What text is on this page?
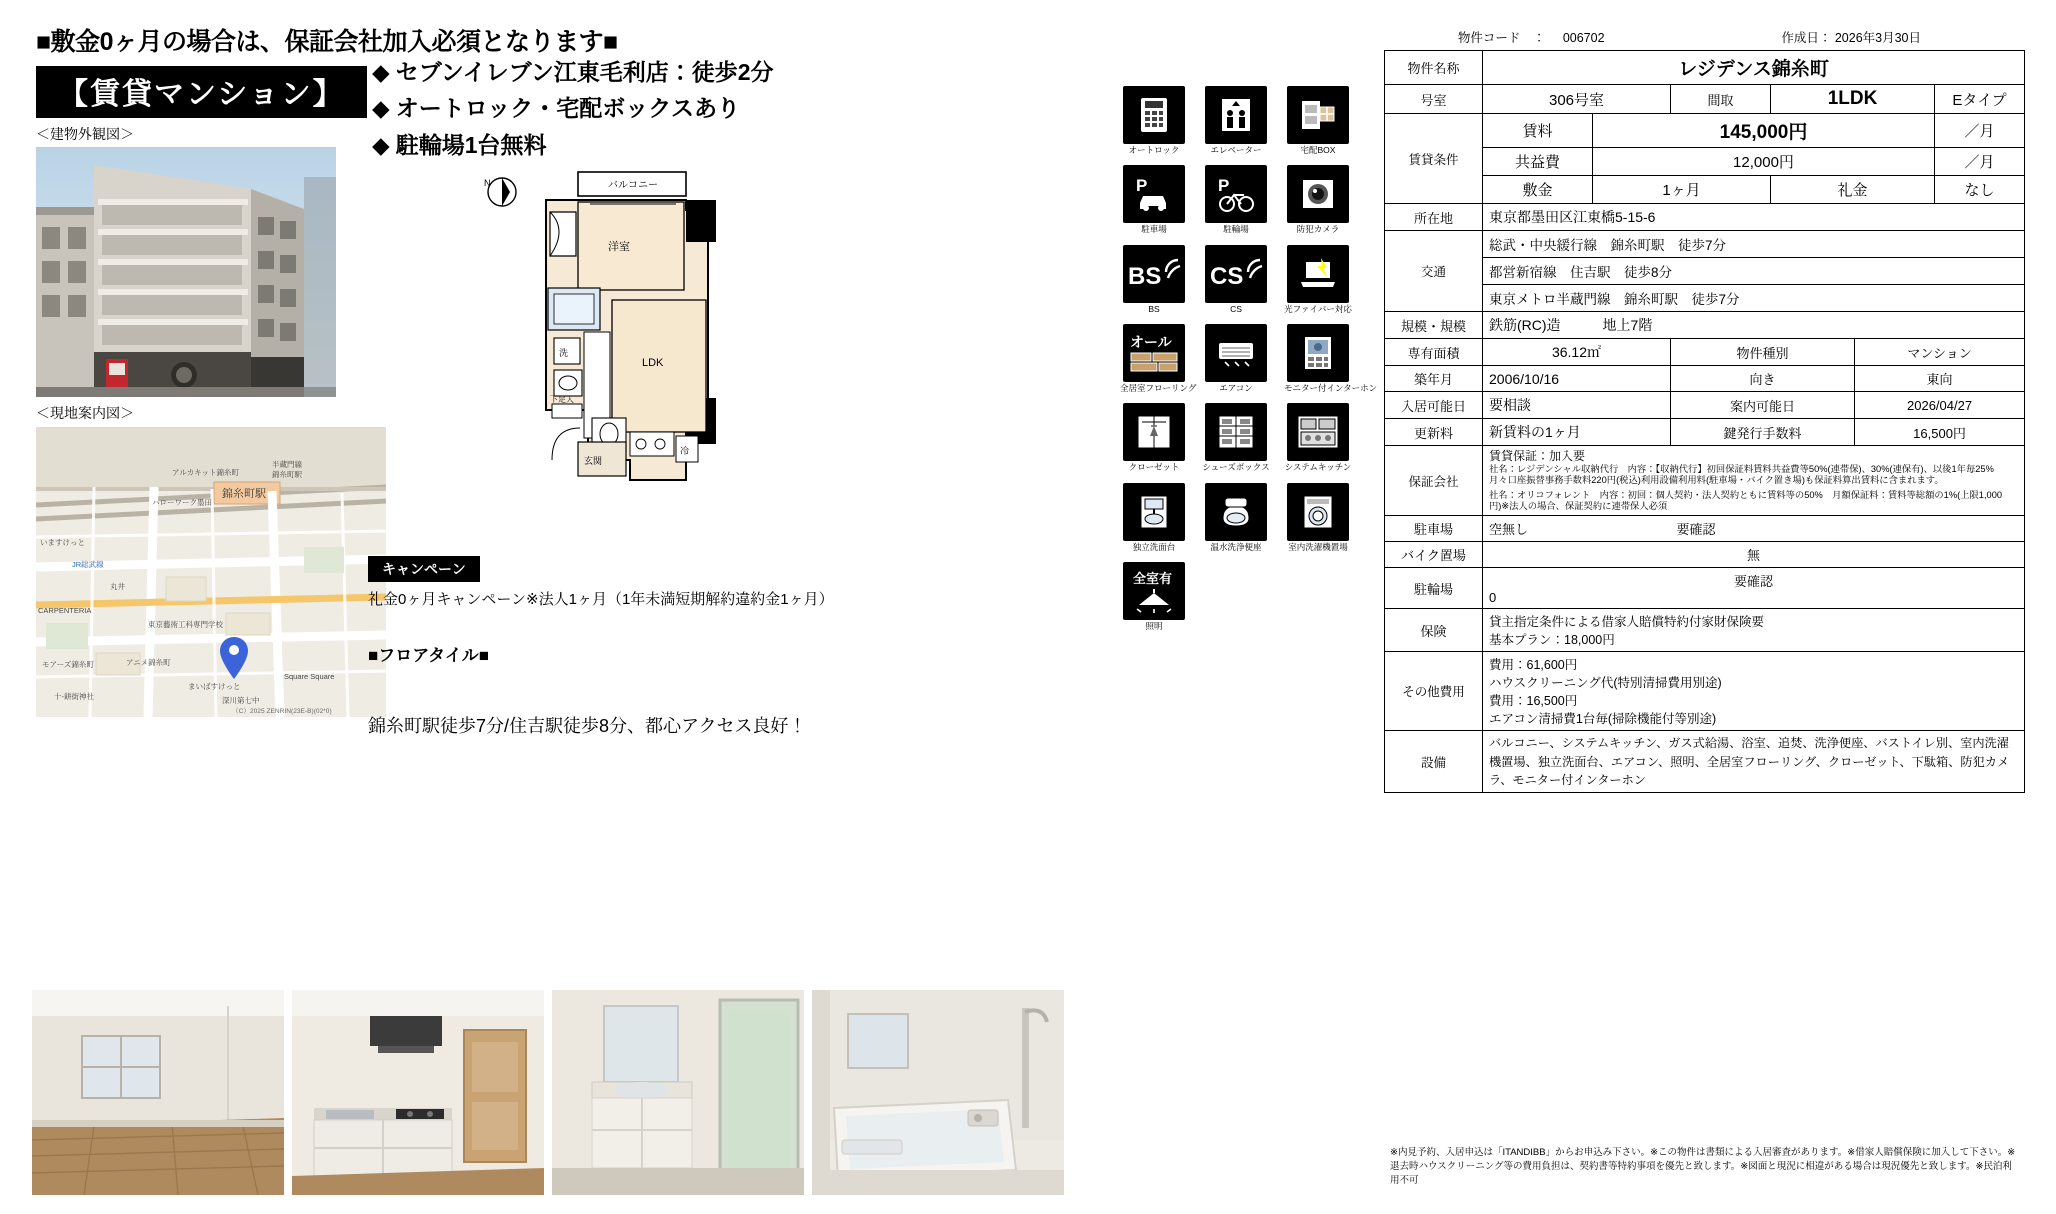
■敷金0ヶ月の場合は、保証会社加入必須となります■
【賃貸マンション】
＜建物外観図＞
＜現地案内図＞
錦糸町駅
アルカキット錦糸町
半蔵門線
錦糸町駅
ハローワーク墨田
いますけっと
JR総武線
丸井
CARPENTERIA
東京藝術工科専門学校
モアーズ錦糸町	アニメ錦糸町
まいばすけっと
深川第七中
Square Square
十-餅街神社
（C）2025 ZENRIN(23E-B)(02*0)
◆ セブンイレブン江東毛利店：徒歩2分
◆ オートロック・宅配ボックスあり
◆ 駐輪場1台無料
N	バルコニー
洋室
LDK
洗
下足入
玄関
冷
キャンペーン
礼金0ヶ月キャンペーン※法人1ヶ月（1年未満短期解約違約金1ヶ月）
■フロアタイル■
錦糸町駅徒歩7分/住吉駅徒歩8分、都心アクセス良好！
オートロック	エレベーター	宅配BOX
P
駐車場
P
駐輪場	防犯カメラ
BS
BS
CS
CS	光ファイバー対応
オール
全居室フローリング	エアコン	モニター付インターホン
クローゼット	シューズボックス システムキッチン
独立洗面台	温水洗浄便座	室内洗濯機置場
全室有
照明
物件コード　： 006702	作成日： 2026年3月30日
物件名称	レジデンス錦糸町					
号室	306号室		間取	1LDK		Eタイプ
賃貸条件	賃料	145,000円				／月
	共益費	12,000円				／月
	敷金	1ヶ月		礼金		なし
所在地	東京都墨田区江東橋5-15-6					
交通	総武・中央緩行線　錦糸町駅　徒歩7分					
	都営新宿線　住吉駅　徒歩8分					
	東京メトロ半蔵門線　錦糸町駅　徒歩7分					
規模・規模	鉄筋(RC)造　　　地上7階					
専有面積	36.12㎡		物件種別		マンション	
築年月	2006/10/16		向き		東向	
入居可能日	要相談		案内可能日		2026/04/27	
更新料	新賃料の1ヶ月		鍵発行手数料		16,500円	
保証会社	賃貸保証：加入要
社名：レジデンシャル収納代行　内容：【収納代行】初回保証料賃料共益費等50%(連帯保)、30%(連保有)、以後1年毎25%　月々口座振替事務手数料220円(税込)利用設備利用料(駐車場・バイク置き場)も保証料算出賃料に含まれます。
社名：オリコフォレント　内容：初回：個人契約・法人契約ともに賃料等の50%　月額保証料：賃料等総額の1%(上限1,000円)※法人の場合、保証契約に連帯保人必須					

駐車場	空無し		要確認			
バイク置場	無					
駐輪場	要確認
0					

保険	貸主指定条件による借家人賠償特約付家財保険要
基本プラン：18,000円					

その他費用	費用：61,600円
ハウスクリーニング代(特別清掃費用別途)
費用：16,500円
エアコン清掃費1台毎(掃除機能付等別途)					

設備	バルコニー、システムキッチン、ガス式給湯、浴室、追焚、洗浄便座、バストイレ別、室内洗濯機置場、独立洗面台、エアコン、照明、全居室フローリング、クローゼット、下駄箱、防犯カメラ、モニター付インターホン					
※内見予約、入居申込は「ITANDIBB」からお申込み下さい。※この物件は書類による入居審査があります。※借家人賠償保険に加入して下さい。※退去時ハウスクリーニング等の費用負担は、契約書等特約事項を優先と致します。※図面と現況に相違がある場合は現況優先と致します。※民泊利用不可
